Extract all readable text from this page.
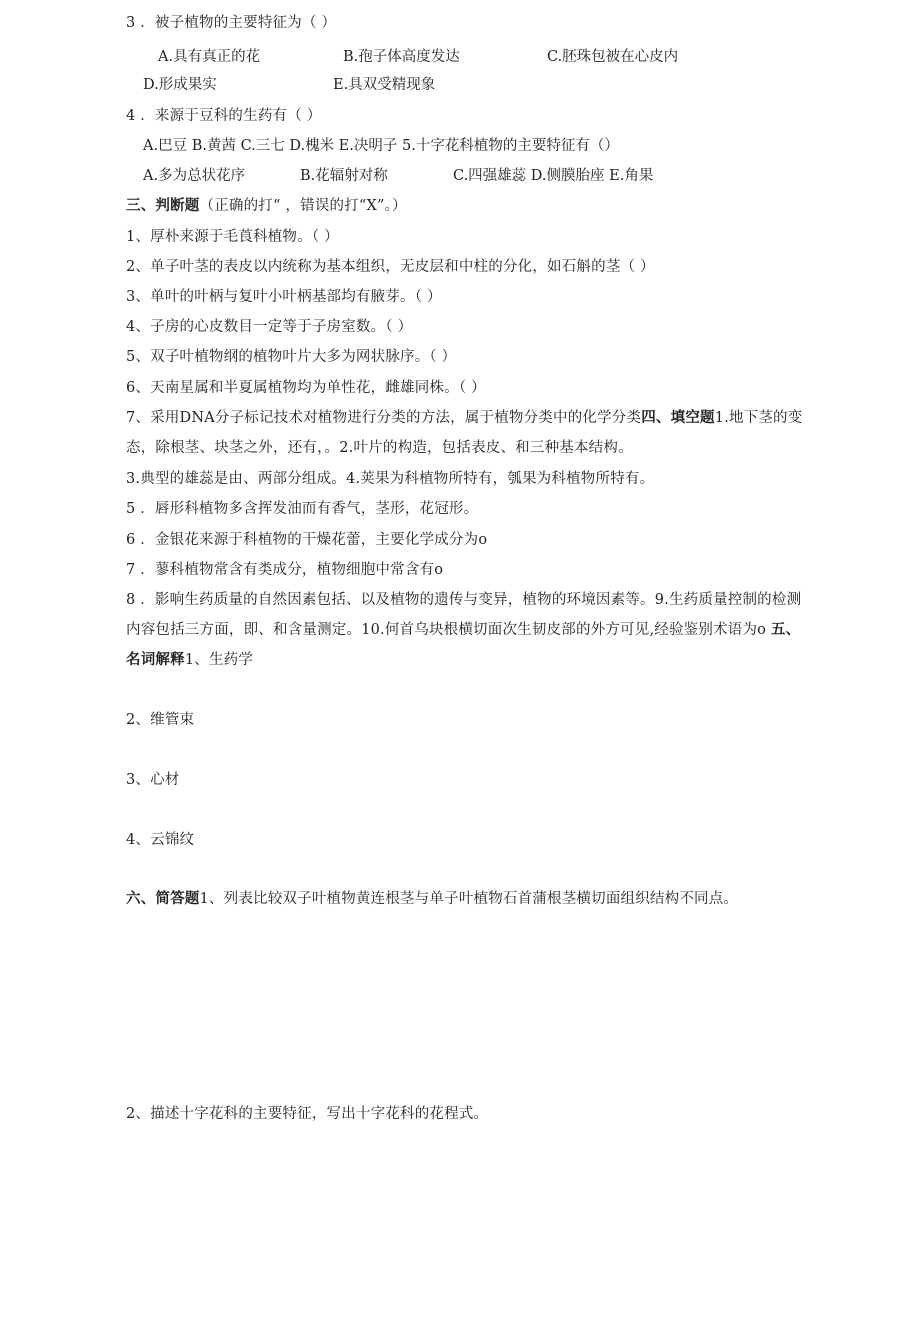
3 ．被子植物的主要特征为（ ）
A.具有真正的花	B.孢子体高度发达	C.胚珠包被在心皮内
D.形成果实	E.具双受精现象
4 ．来源于豆科的生药有（ ）
A.巴豆 B.黄茜 C.三七 D.槐米 E.决明子 5.十字花科植物的主要特征有（）
A.多为总状花序	B.花辐射对称	C.四强雄蕊 D.侧膜胎座 E.角果
三、判断题（正确的打“ ，错误的打“X”。）
1、厚朴来源于毛莨科植物。（ ）
2、单子叶茎的表皮以内统称为基本组织，无皮层和中柱的分化，如石斛的茎（ ）
3、单叶的叶柄与复叶小叶柄基部均有腋芽。（ ）
4、子房的心皮数目一定等于子房室数。（ ）
5、双子叶植物纲的植物叶片大多为网状脉序。（ ）
6、天南星属和半夏属植物均为单性花，雌雄同株。（ ）
7、采用DNA分子标记技术对植物进行分类的方法，属于植物分类中的化学分类四、填空题1.地下茎的变态，除根茎、块茎之外，还有，。2.叶片的构造，包括表皮、和三种基本结构。
3.典型的雄蕊是由、两部分组成。4.荚果为科植物所特有，瓠果为科植物所特有。
5 ．唇形科植物多含挥发油而有香气，茎形，花冠形。
6 ．金银花来源于科植物的干燥花蕾，主要化学成分为o
7 ．蓼科植物常含有类成分，植物细胞中常含有o
8 ．影响生药质量的自然因素包括、以及植物的遗传与变异，植物的环境因素等。9.生药质量控制的检测内容包括三方面，即、和含量测定。10.何首乌块根横切面次生韧皮部的外方可见,经验鉴别术语为o 五、名词解释1、生药学
2、维管束
3、心材
4、云锦纹
六、简答题1、列表比较双子叶植物黄连根茎与单子叶植物石首蒲根茎横切面组织结构不同点。
2、描述十字花科的主要特征，写出十字花科的花程式。
